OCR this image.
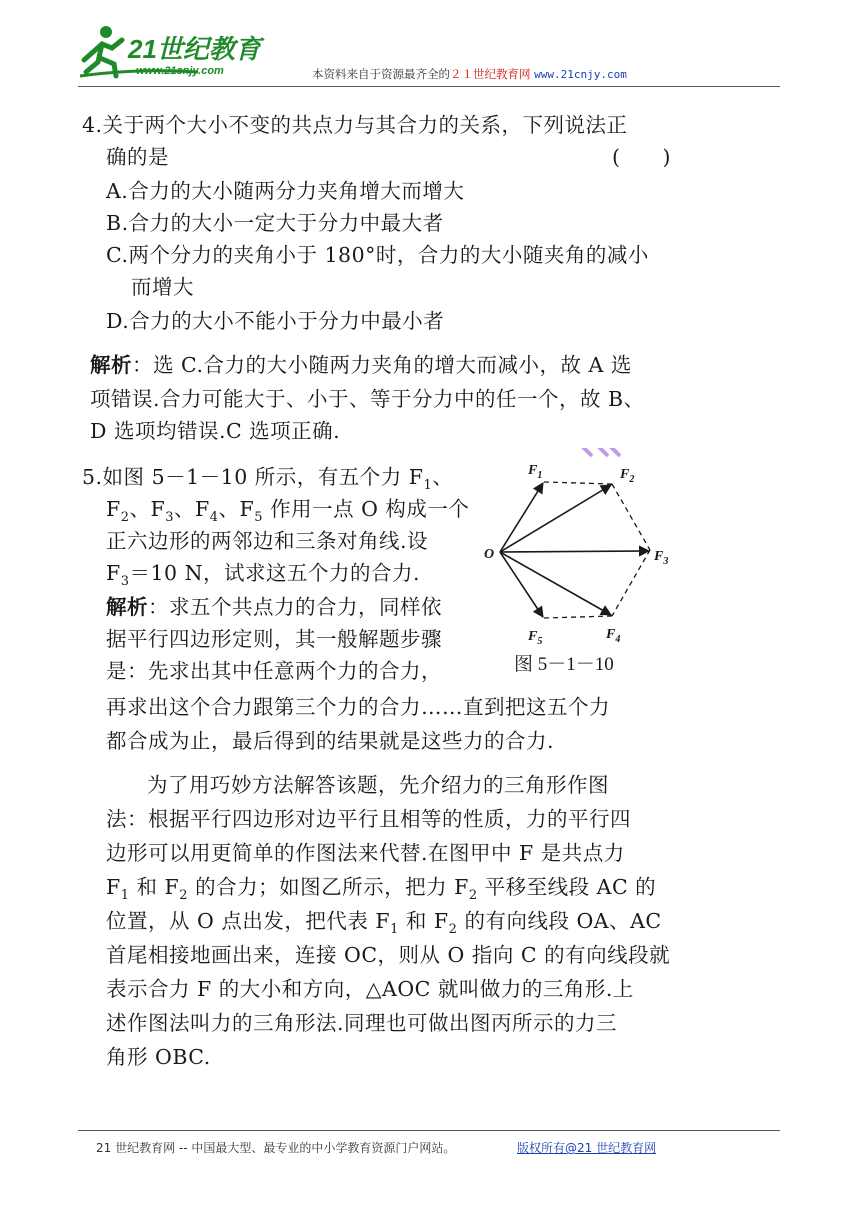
21世纪教育
www.21cnjy.com	本资料来自于资源最齐全的２１世纪教育网 www.21cnjy.com
4.关于两个大小不变的共点力与其合力的关系，下列说法正
确的是	(　　)
A.合力的大小随两分力夹角增大而增大
B.合力的大小一定大于分力中最大者
C.两个分力的夹角小于 180°时，合力的大小随夹角的减小
而增大
D.合力的大小不能小于分力中最小者
解析：选 C.合力的大小随两力夹角的增大而减小，故 A 选
项错误.合力可能大于、小于、等于分力中的任一个，故 B、
D 选项均错误.C 选项正确.
5.如图 5－1－10 所示，有五个力 $F_1$、
$F_2$、$F_3$、$F_4$、$F_5$ 作用一点 O 构成一个
正六边形的两邻边和三条对角线.设
$F_3=10$ N，试求这五个力的合力.
解析：求五个共点力的合力，同样依
据平行四边形定则，其一般解题步骤
是：先求出其中任意两个力的合力，
再求出这个合力跟第三个力的合力……直到把这五个力
都合成为止，最后得到的结果就是这些力的合力.
为了用巧妙方法解答该题，先介绍力的三角形作图
法：根据平行四边形对边平行且相等的性质，力的平行四
边形可以用更简单的作图法来代替.在图甲中 F 是共点力
$F_1$ 和 $F_2$ 的合力；如图乙所示，把力 $F_2$ 平移至线段 AC 的
位置，从 O 点出发，把代表 $F_1$ 和 $F_2$ 的有向线段 OA、AC
首尾相接地画出来，连接 OC，则从 O 指向 C 的有向线段就
表示合力 F 的大小和方向，△AOC 就叫做力的三角形.上
述作图法叫力的三角形法.同理也可做出图丙所示的力三
角形 OBC.
O
$F_1$	$F_2$
$F_3$
$F_4$
$F_5$
图 5－1－10
21 世纪教育网 -- 中国最大型、最专业的中小学教育资源门户网站。	版权所有@21 世纪教育网
